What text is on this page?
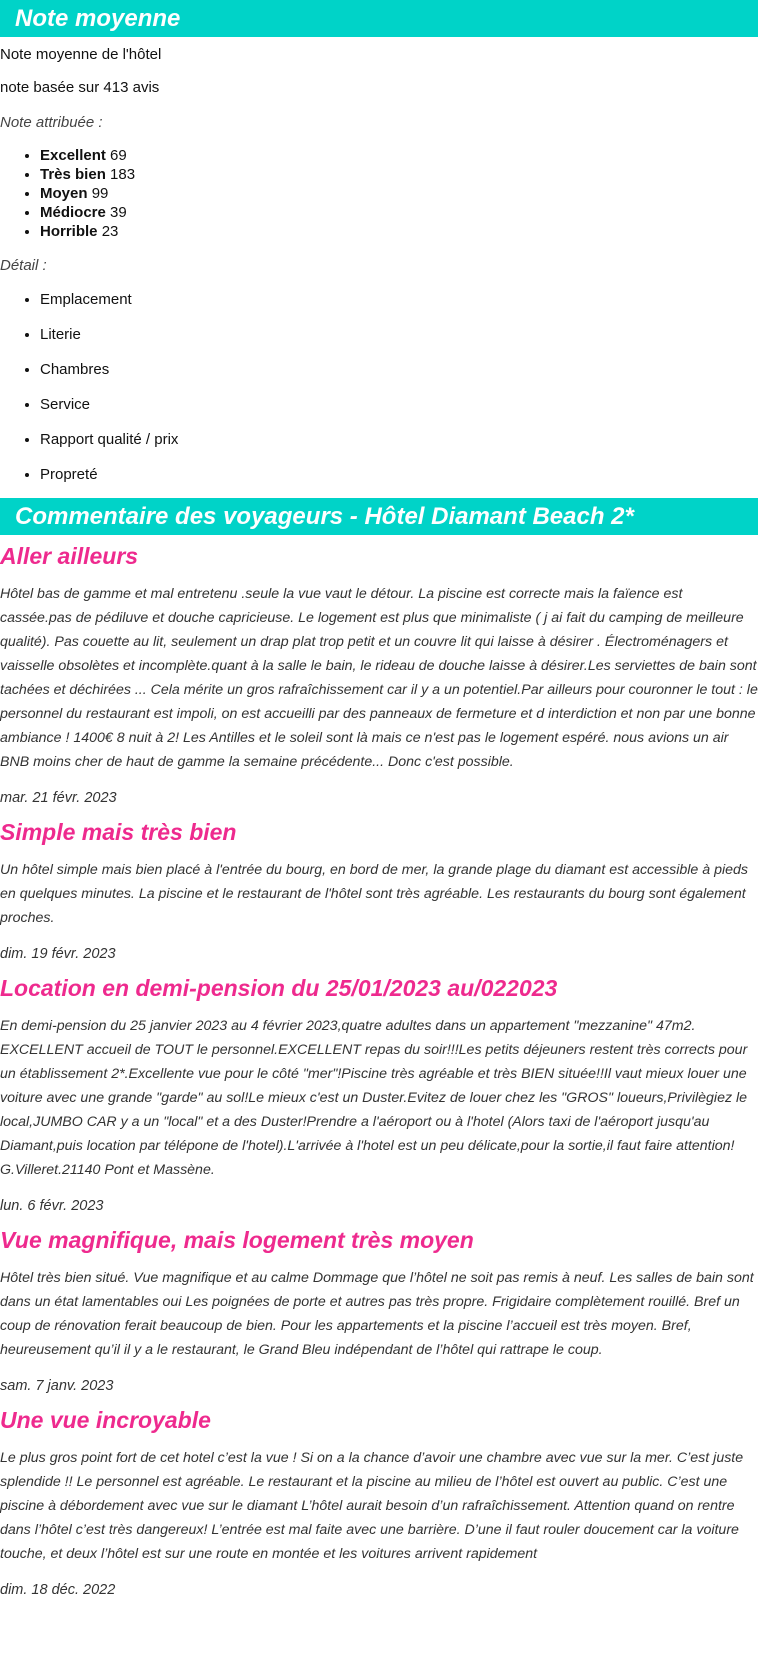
Note moyenne

Note moyenne de l'hôtel

note basée sur 413 avis

Note attribuée :

• Excellent 69
• Très bien 183
• Moyen 99
• Médiocre 39
• Horrible 23

Détail :

• Emplacement
• Literie
• Chambres
• Service
• Rapport qualité / prix
• Propreté
Commentaire des voyageurs - Hôtel Diamant Beach 2*
Aller ailleurs

Hôtel bas de gamme et mal entretenu .seule la vue vaut le détour. La piscine est correcte mais la faïence est cassée.pas de pédiluve et douche capricieuse. Le logement est plus que minimaliste ( j ai fait du camping de meilleure qualité). Pas couette au lit, seulement un drap plat trop petit et un couvre lit qui laisse à désirer . Électroménagers et vaisselle obsolètes et incomplète.quant à la salle le bain, le rideau de douche laisse à désirer.Les serviettes de bain sont tachées et déchirées ... Cela mérite un gros rafraîchissement car il y a un potentiel.Par ailleurs pour couronner le tout : le personnel du restaurant est impoli, on est accueilli par des panneaux de fermeture et d interdiction et non par une bonne ambiance ! 1400€ 8 nuit à 2! Les Antilles et le soleil sont là mais ce n'est pas le logement espéré. nous avions un air BNB moins cher de haut de gamme la semaine précédente... Donc c'est possible.

mar. 21 févr. 2023

Simple mais très bien

Un hôtel simple mais bien placé à l'entrée du bourg, en bord de mer, la grande plage du diamant est accessible à pieds en quelques minutes. La piscine et le restaurant de l'hôtel sont très agréable. Les restaurants du bourg sont également proches.

dim. 19 févr. 2023

Location en demi-pension du 25/01/2023 au/022023

En demi-pension du 25 janvier 2023 au 4 février 2023,quatre adultes dans un appartement "mezzanine" 47m2. EXCELLENT accueil de TOUT le personnel.EXCELLENT repas du soir!!!Les petits déjeuners restent très corrects pour un établissement 2*.Excellente vue pour le côté "mer"!Piscine très agréable et très BIEN située!!Il vaut mieux louer une voiture avec une grande "garde" au sol!Le mieux c'est un Duster.Evitez de louer chez les "GROS" loueurs,Privilègiez le local,JUMBO CAR y a un "local" et a des Duster!Prendre a l'aéroport ou à l'hotel (Alors taxi de l'aéroport jusqu'au Diamant,puis location par télépone de l'hotel).L'arrivée à l'hotel est un peu délicate,pour la sortie,il faut faire attention! G.Villeret.21140 Pont et Massène.

lun. 6 févr. 2023

Vue magnifique, mais logement très moyen

Hôtel très bien situé. Vue magnifique et au calme Dommage que l’hôtel ne soit pas remis à neuf. Les salles de bain sont dans un état lamentables oui Les poignées de porte et autres pas très propre. Frigidaire complètement rouillé. Bref un coup de rénovation ferait beaucoup de bien. Pour les appartements et la piscine l’accueil est très moyen. Bref, heureusement qu’il il y a le restaurant, le Grand Bleu indépendant de l’hôtel qui rattrape le coup.

sam. 7 janv. 2023

Une vue incroyable

Le plus gros point fort de cet hotel c’est la vue ! Si on a la chance d’avoir une chambre avec vue sur la mer. C’est juste splendide !! Le personnel est agréable. Le restaurant et la piscine au milieu de l’hôtel est ouvert au public. C’est une piscine à débordement avec vue sur le diamant L’hôtel aurait besoin d’un rafraîchissement. Attention quand on rentre dans l’hôtel c’est très dangereux! L’entrée est mal faite avec une barrière. D’une il faut rouler doucement car la voiture touche, et deux l’hôtel est sur une route en montée et les voitures arrivent rapidement

dim. 18 déc. 2022
